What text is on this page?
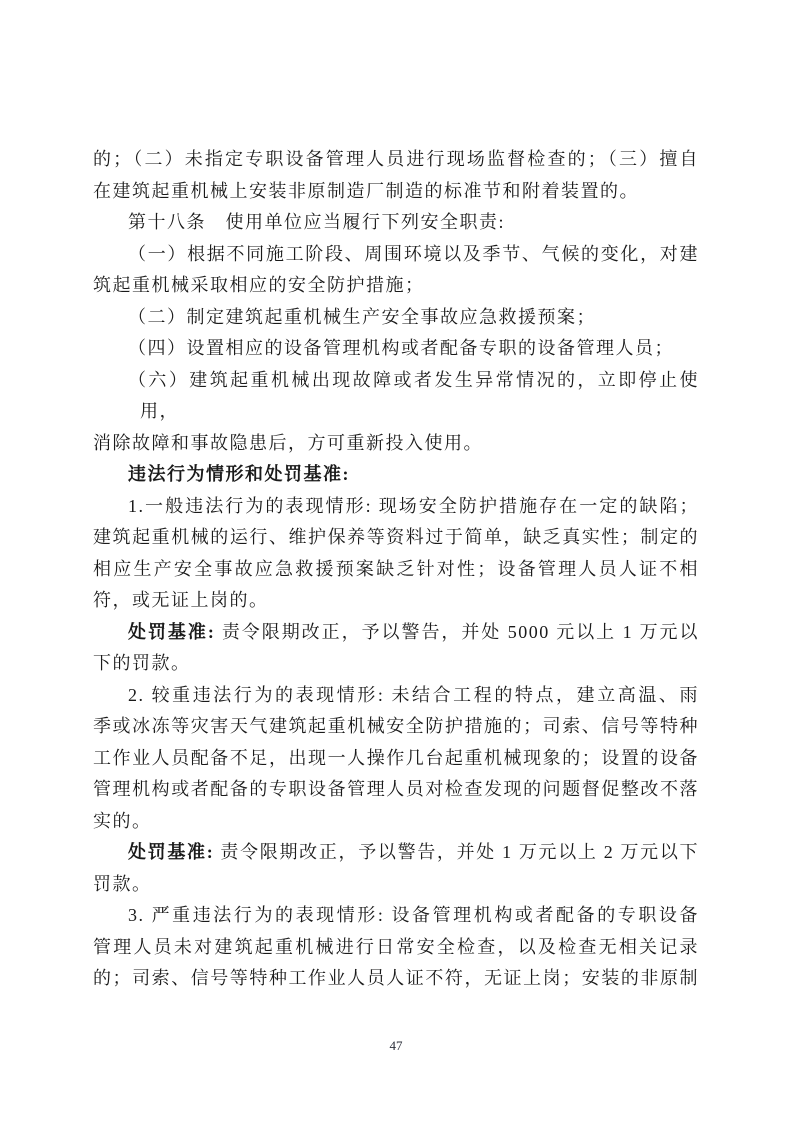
的；（二）未指定专职设备管理人员进行现场监督检查的；（三）擅自

在建筑起重机械上安装非原制造厂制造的标准节和附着装置的。

第十八条　使用单位应当履行下列安全职责:

（一）根据不同施工阶段、周围环境以及季节、气候的变化，对建

筑起重机械采取相应的安全防护措施；

（二）制定建筑起重机械生产安全事故应急救援预案；

（四）设置相应的设备管理机构或者配备专职的设备管理人员；

（六）建筑起重机械出现故障或者发生异常情况的，立即停止使

用，

消除故障和事故隐患后，方可重新投入使用。

违法行为情形和处罚基准:

1.一般违法行为的表现情形: 现场安全防护措施存在一定的缺陷；

建筑起重机械的运行、维护保养等资料过于简单，缺乏真实性；制定的

相应生产安全事故应急救援预案缺乏针对性；设备管理人员人证不相

符，或无证上岗的。

处罚基准: 责令限期改正，予以警告，并处 5000 元以上 1 万元以

下的罚款。

2. 较重违法行为的表现情形: 未结合工程的特点，建立高温、雨

季或冰冻等灾害天气建筑起重机械安全防护措施的；司索、信号等特种

工作业人员配备不足，出现一人操作几台起重机械现象的；设置的设备

管理机构或者配备的专职设备管理人员对检查发现的问题督促整改不落

实的。

处罚基准: 责令限期改正，予以警告，并处 1 万元以上 2 万元以下

罚款。

3. 严重违法行为的表现情形: 设备管理机构或者配备的专职设备

管理人员未对建筑起重机械进行日常安全检查，以及检查无相关记录

的；司索、信号等特种工作业人员人证不符，无证上岗；安装的非原制

47
